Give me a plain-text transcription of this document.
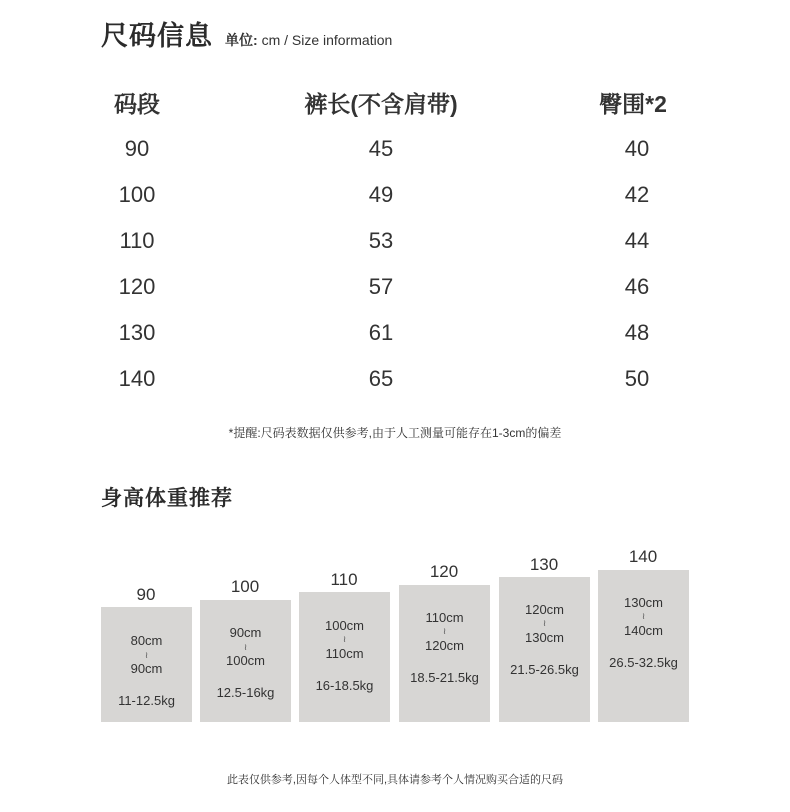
尺码信息 单位: cm / Size information
码段	裤长(不含肩带)	臀围*2
90	45	40
100	49	42
110	53	44
120	57	46
130	61	48
140	65	50
*提醒:尺码表数据仅供参考,由于人工测量可能存在1-3cm的偏差
身高体重推荐
90
80cm
≀
90cm
11-12.5kg
100
90cm
≀
100cm
12.5-16kg
110
100cm
≀
110cm
16-18.5kg
120
110cm
≀
120cm
18.5-21.5kg
130
120cm
≀
130cm
21.5-26.5kg
140
130cm
≀
140cm
26.5-32.5kg
此表仅供参考,因每个人体型不同,具体请参考个人情况购买合适的尺码
